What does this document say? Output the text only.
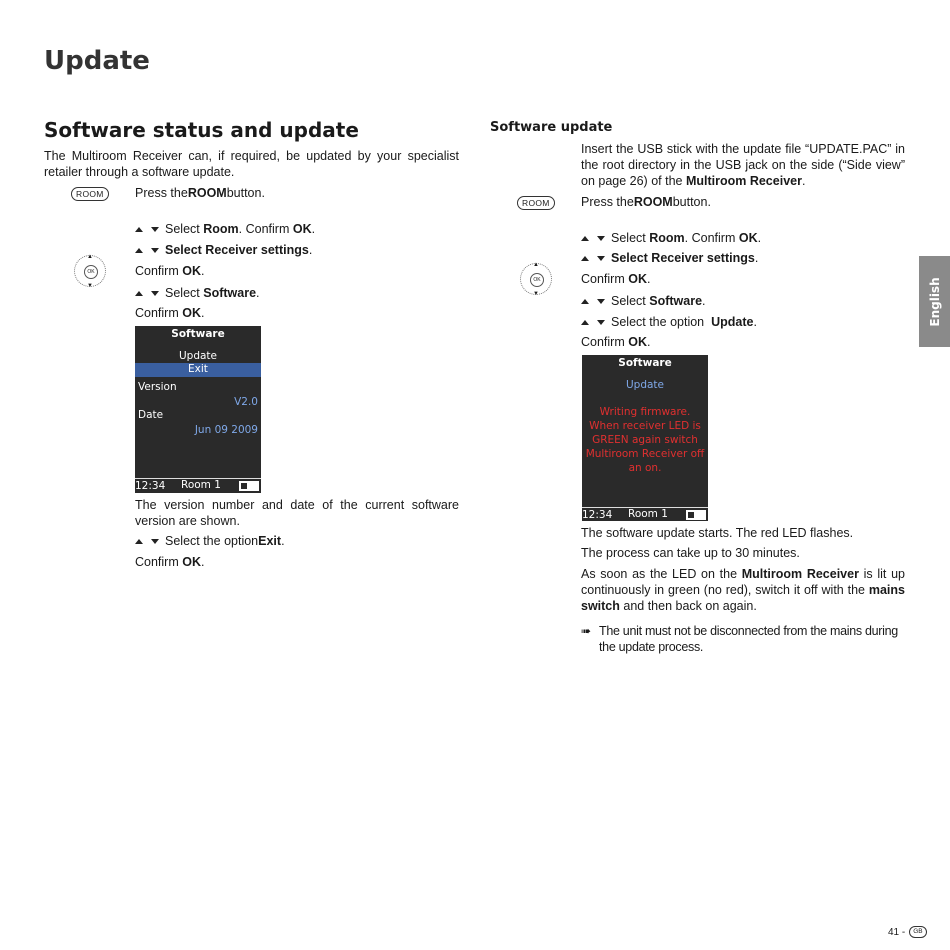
Update
Software status and update
The Multiroom Receiver can, if required, be updated by your specialist retailer through a software update.
ROOM	Press the ROOM button.
Select
Room . Confirm
OK .
Select Receiver settings .
▲
▼
OK	Confirm
OK .
Select
Software .
Confirm
OK .
Software
Update
Exit
Version
V2.0
Date
Jun 09 2009
12:34 Room 1
The version number and date of the current software version are shown.
Select the option Exit .
Confirm
OK .
Software update
Insert the USB stick with the update file “UPDATE.PAC” in the root directory in the USB jack on the side (“Side view” on page 26) of the Multiroom Receiver.
ROOM	Press the ROOM button.
Select
Room . Confirm
OK .
Select Receiver settings .
▲
▼
OK	Confirm
OK .
Select
Software .
Select the option Update .
Confirm
OK .
Software
Update
Writing firmware.
When receiver LED is
GREEN again switch
Multiroom Receiver off
an on.
12:34 Room 1
The software update starts. The red LED flashes.
The process can take up to 30 minutes.
As soon as the LED on the Multiroom Receiver is lit up continuously in green (no red), switch it off with the mains switch and then back on again.
➠ The unit must not be disconnected from the mains during the update process.
English
41 -	GB
